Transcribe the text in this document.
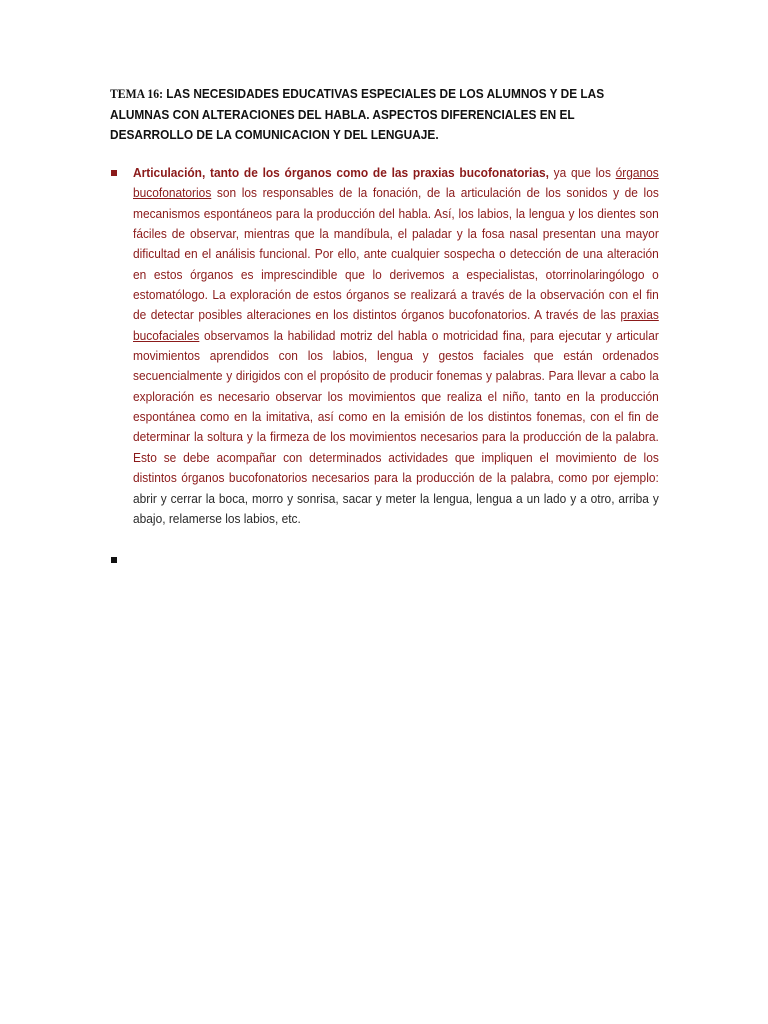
TEMA 16: LAS NECESIDADES EDUCATIVAS ESPECIALES DE LOS ALUMNOS Y DE LAS ALUMNAS CON ALTERACIONES DEL HABLA. ASPECTOS DIFERENCIALES EN EL DESARROLLO DE LA COMUNICACION Y DEL LENGUAJE.
Articulación, tanto de los órganos como de las praxias bucofonatorias, ya que los órganos bucofonatorios son los responsables de la fonación, de la articulación de los sonidos y de los mecanismos espontáneos para la producción del habla. Así, los labios, la lengua y los dientes son fáciles de observar, mientras que la mandíbula, el paladar y la fosa nasal presentan una mayor dificultad en el análisis funcional. Por ello, ante cualquier sospecha o detección de una alteración en estos órganos es imprescindible que lo derivemos a especialistas, otorrinolaringólogo o estomatólogo. La exploración de estos órganos se realizará a través de la observación con el fin de detectar posibles alteraciones en los distintos órganos bucofonatorios. A través de las praxias bucofaciales observamos la habilidad motriz del habla o motricidad fina, para ejecutar y articular movimientos aprendidos con los labios, lengua y gestos faciales que están ordenados secuencialmente y dirigidos con el propósito de producir fonemas y palabras. Para llevar a cabo la exploración es necesario observar los movimientos que realiza el niño, tanto en la producción espontánea como en la imitativa, así como en la emisión de los distintos fonemas, con el fin de determinar la soltura y la firmeza de los movimientos necesarios para la producción de la palabra. Esto se debe acompañar con determinados actividades que impliquen el movimiento de los distintos órganos bucofonatorios necesarios para la producción de la palabra, como por ejemplo: abrir y cerrar la boca, morro y sonrisa, sacar y meter la lengua, lengua a un lado y a otro, arriba y abajo, relamerse los labios, etc.
